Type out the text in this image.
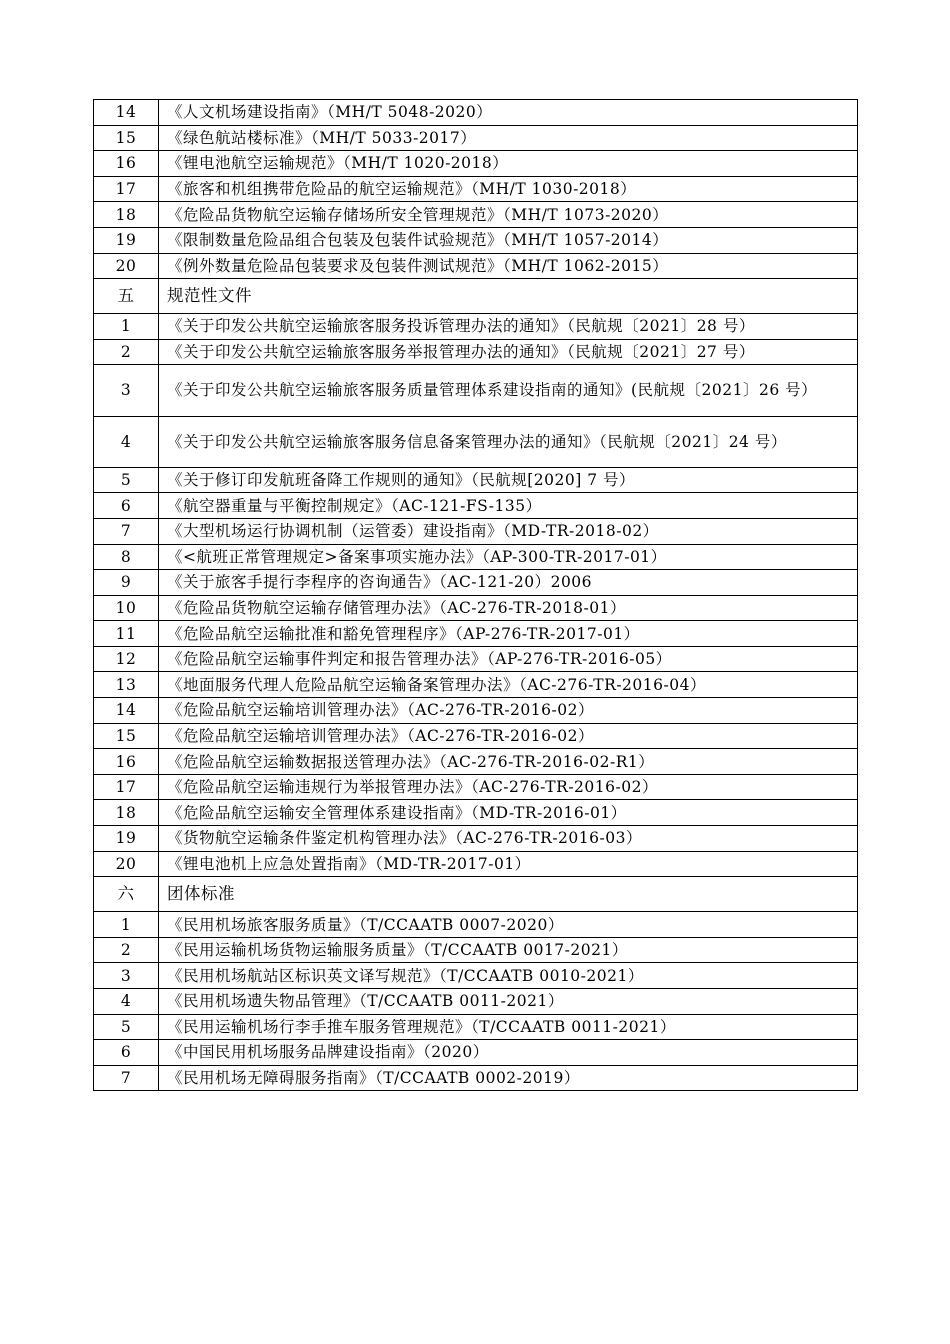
14	《人文机场建设指南》（MH/T 5048-2020）
15	《绿色航站楼标准》（MH/T 5033-2017）
16	《锂电池航空运输规范》（MH/T 1020-2018）
17	《旅客和机组携带危险品的航空运输规范》（MH/T 1030-2018）
18	《危险品货物航空运输存储场所安全管理规范》（MH/T 1073-2020）
19	《限制数量危险品组合包装及包装件试验规范》（MH/T 1057-2014）
20	《例外数量危险品包装要求及包装件测试规范》（MH/T 1062-2015）
五	规范性文件
1	《关于印发公共航空运输旅客服务投诉管理办法的通知》（民航规〔2021〕28 号）
2	《关于印发公共航空运输旅客服务举报管理办法的通知》（民航规〔2021〕27 号）
3	《关于印发公共航空运输旅客服务质量管理体系建设指南的通知》(民航规〔2021〕26 号）
4	《关于印发公共航空运输旅客服务信息备案管理办法的通知》（民航规〔2021〕24 号）
5	《关于修订印发航班备降工作规则的通知》（民航规[2020] 7 号）
6	《航空器重量与平衡控制规定》（AC-121-FS-135）
7	《大型机场运行协调机制（运管委）建设指南》（MD-TR-2018-02）
8	《<航班正常管理规定>备案事项实施办法》（AP-300-TR-2017-01）
9	《关于旅客手提行李程序的咨询通告》（AC-121-20）2006
10	《危险品货物航空运输存储管理办法》（AC-276-TR-2018-01）
11	《危险品航空运输批准和豁免管理程序》（AP-276-TR-2017-01）
12	《危险品航空运输事件判定和报告管理办法》（AP-276-TR-2016-05）
13	《地面服务代理人危险品航空运输备案管理办法》（AC-276-TR-2016-04）
14	《危险品航空运输培训管理办法》（AC-276-TR-2016-02）
15	《危险品航空运输培训管理办法》（AC-276-TR-2016-02）
16	《危险品航空运输数据报送管理办法》（AC-276-TR-2016-02-R1）
17	《危险品航空运输违规行为举报管理办法》（AC-276-TR-2016-02）
18	《危险品航空运输安全管理体系建设指南》（MD-TR-2016-01）
19	《货物航空运输条件鉴定机构管理办法》（AC-276-TR-2016-03）
20	《锂电池机上应急处置指南》（MD-TR-2017-01）
六	团体标准
1	《民用机场旅客服务质量》（T/CCAATB 0007-2020）
2	《民用运输机场货物运输服务质量》（T/CCAATB 0017-2021）
3	《民用机场航站区标识英文译写规范》（T/CCAATB 0010-2021）
4	《民用机场遗失物品管理》（T/CCAATB 0011-2021）
5	《民用运输机场行李手推车服务管理规范》（T/CCAATB 0011-2021）
6	《中国民用机场服务品牌建设指南》（2020）
7	《民用机场无障碍服务指南》（T/CCAATB 0002-2019）
